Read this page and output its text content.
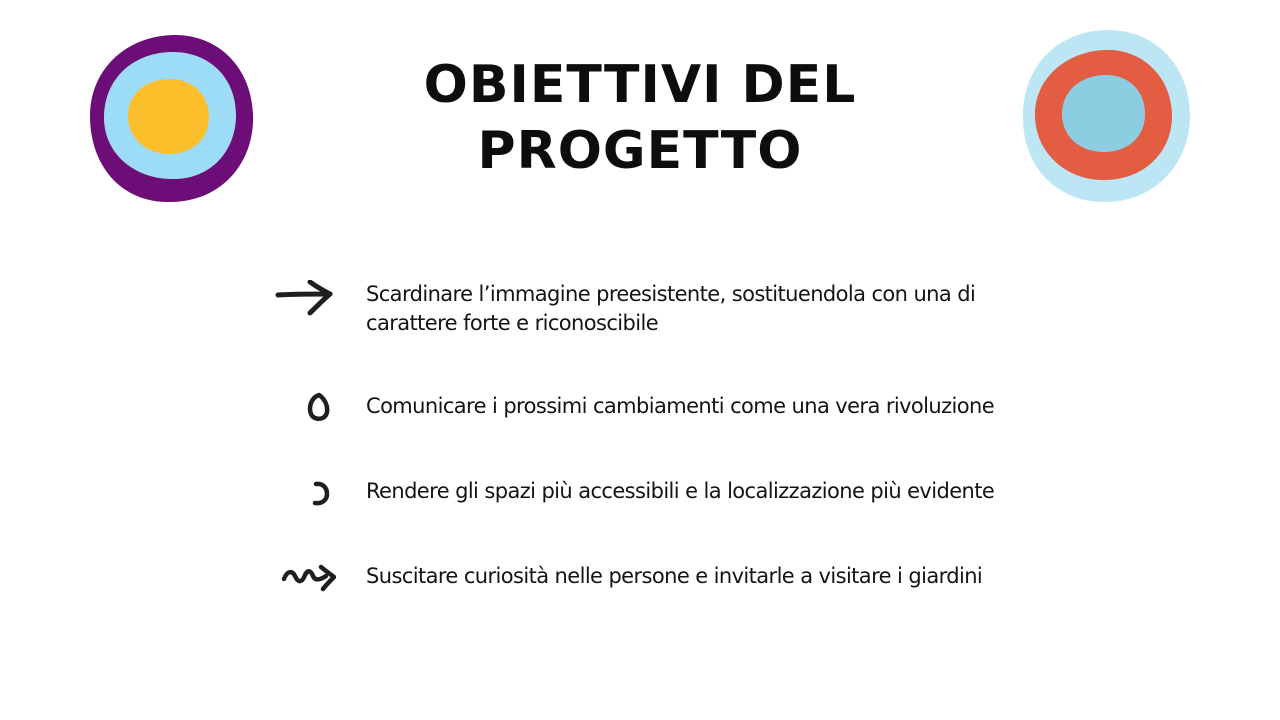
OBIETTIVI DEL
PROGETTO

Scardinare l’immagine preesistente, sostituendola con una di carattere forte e riconoscibile

Comunicare i prossimi cambiamenti come una vera rivoluzione

Rendere gli spazi più accessibili e la localizzazione più evidente

Suscitare curiosità nelle persone e invitarle a visitare i giardini
